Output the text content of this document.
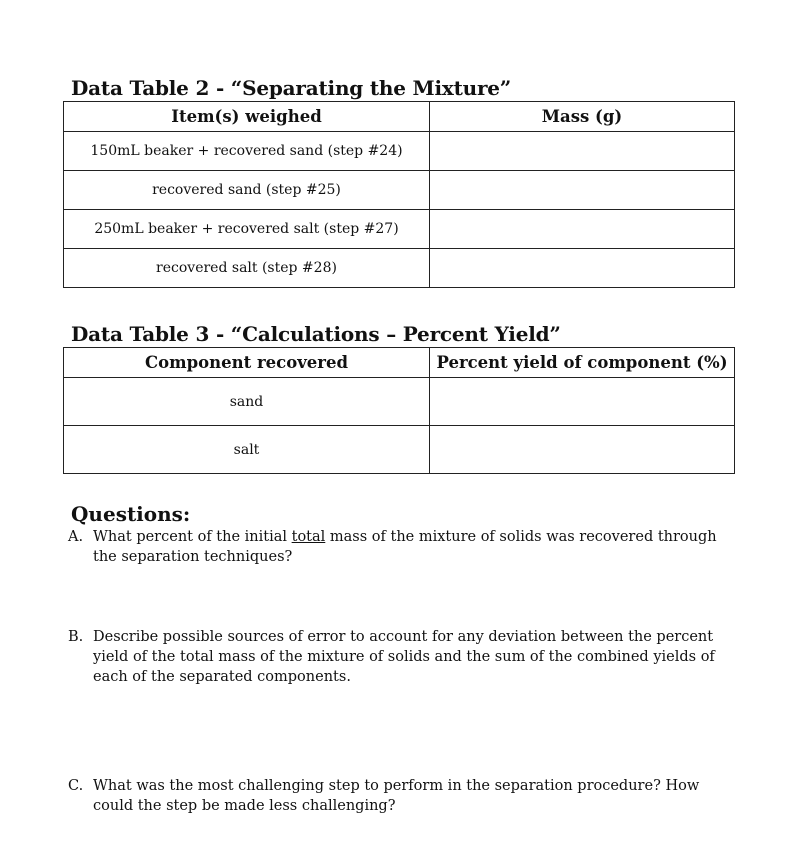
Data Table 2 - “Separating the Mixture”
Item(s) weighed	Mass (g)
150mL beaker + recovered sand (step #24)	
recovered sand (step #25)	
250mL beaker + recovered salt (step #27)	
recovered salt (step #28)	
Data Table 3 - “Calculations – Percent Yield”
Component recovered	Percent yield of component (%)
sand	
salt	
Questions:
A. What percent of the initial total mass of the mixture of solids was recovered through the separation techniques?
B. Describe possible sources of error to account for any deviation between the percent yield of the total mass of the mixture of solids and the sum of the combined yields of each of the separated components.
C. What was the most challenging step to perform in the separation procedure? How could the step be made less challenging?
